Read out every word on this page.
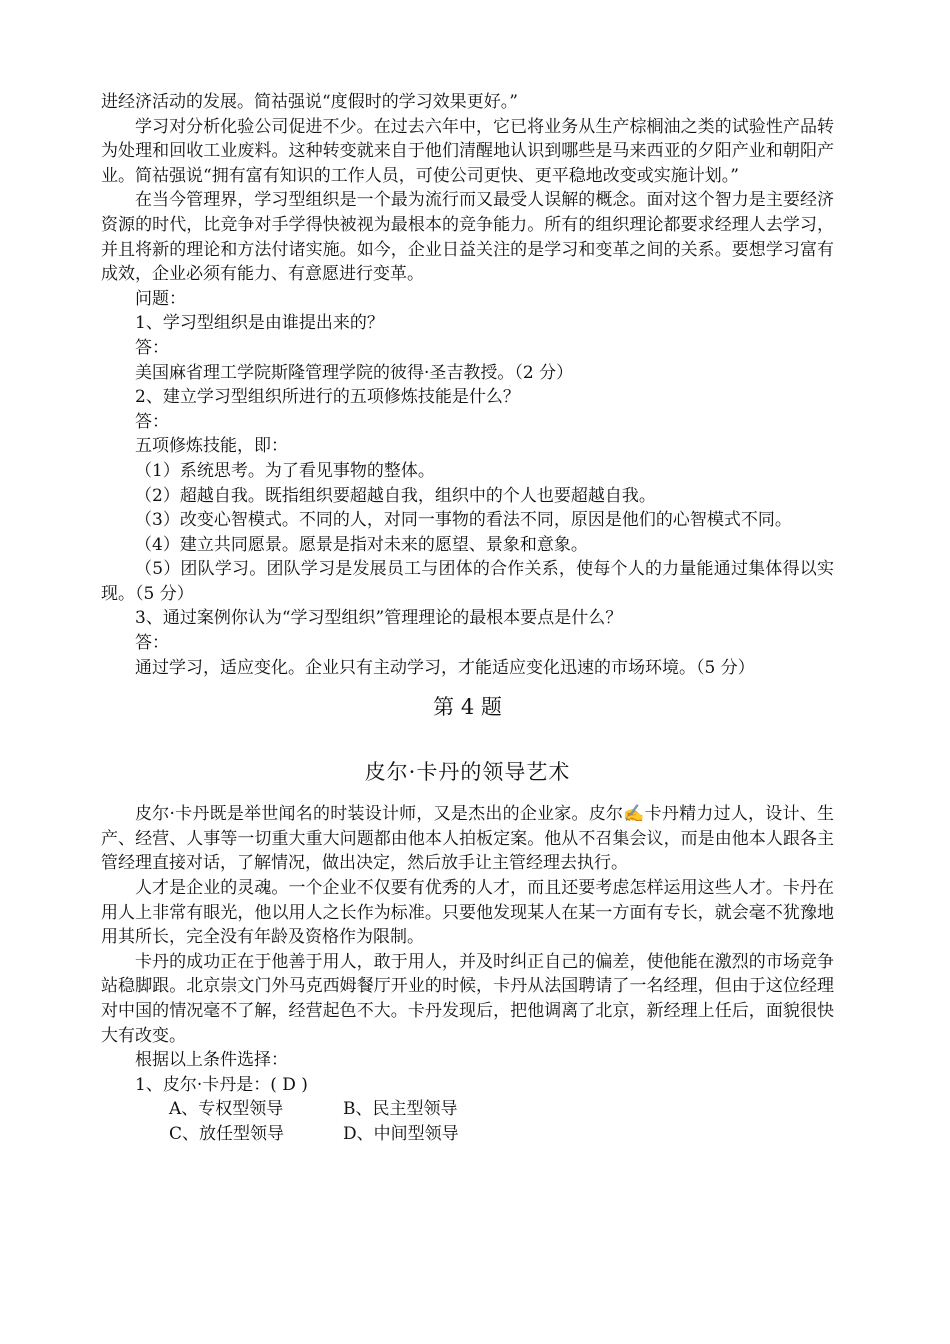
进经济活动的发展。简祜强说“度假时的学习效果更好。”

学习对分析化验公司促进不少。在过去六年中，它已将业务从生产棕榈油之类的试验性产品转为处理和回收工业废料。这种转变就来自于他们清醒地认识到哪些是马来西亚的夕阳产业和朝阳产业。简祜强说“拥有富有知识的工作人员，可使公司更快、更平稳地改变或实施计划。”

在当今管理界，学习型组织是一个最为流行而又最受人误解的概念。面对这个智力是主要经济资源的时代，比竞争对手学得快被视为最根本的竞争能力。所有的组织理论都要求经理人去学习，并且将新的理论和方法付诸实施。如今，企业日益关注的是学习和变革之间的关系。要想学习富有成效，企业必须有能力、有意愿进行变革。

问题：

1、学习型组织是由谁提出来的？

答：

美国麻省理工学院斯隆管理学院的彼得·圣吉教授。（2 分）

2、建立学习型组织所进行的五项修炼技能是什么？

答：

五项修炼技能，即：

（1）系统思考。为了看见事物的整体。

（2）超越自我。既指组织要超越自我，组织中的个人也要超越自我。

（3）改变心智模式。不同的人，对同一事物的看法不同，原因是他们的心智模式不同。

（4）建立共同愿景。愿景是指对未来的愿望、景象和意象。

（5）团队学习。团队学习是发展员工与团体的合作关系，使每个人的力量能通过集体得以实现。（5 分）

3、通过案例你认为“学习型组织”管理理论的最根本要点是什么？

答：

通过学习，适应变化。企业只有主动学习，才能适应变化迅速的市场环境。（5 分）

第 4 题

皮尔·卡丹的领导艺术

皮尔·卡丹既是举世闻名的时装设计师，又是杰出的企业家。皮尔✍卡丹精力过人，设计、生产、经营、人事等一切重大重大问题都由他本人拍板定案。他从不召集会议，而是由他本人跟各主管经理直接对话，了解情况，做出决定，然后放手让主管经理去执行。

人才是企业的灵魂。一个企业不仅要有优秀的人才，而且还要考虑怎样运用这些人才。卡丹在用人上非常有眼光，他以用人之长作为标准。只要他发现某人在某一方面有专长，就会毫不犹豫地用其所长，完全没有年龄及资格作为限制。

卡丹的成功正在于他善于用人，敢于用人，并及时纠正自己的偏差，使他能在激烈的市场竞争站稳脚跟。北京崇文门外马克西姆餐厅开业的时候，卡丹从法国聘请了一名经理，但由于这位经理对中国的情况毫不了解，经营起色不大。卡丹发现后，把他调离了北京，新经理上任后，面貌很快大有改变。

根据以上条件选择：

1、皮尔·卡丹是：( D )

A、专权型领导	B、民主型领导
C、放任型领导	D、中间型领导
